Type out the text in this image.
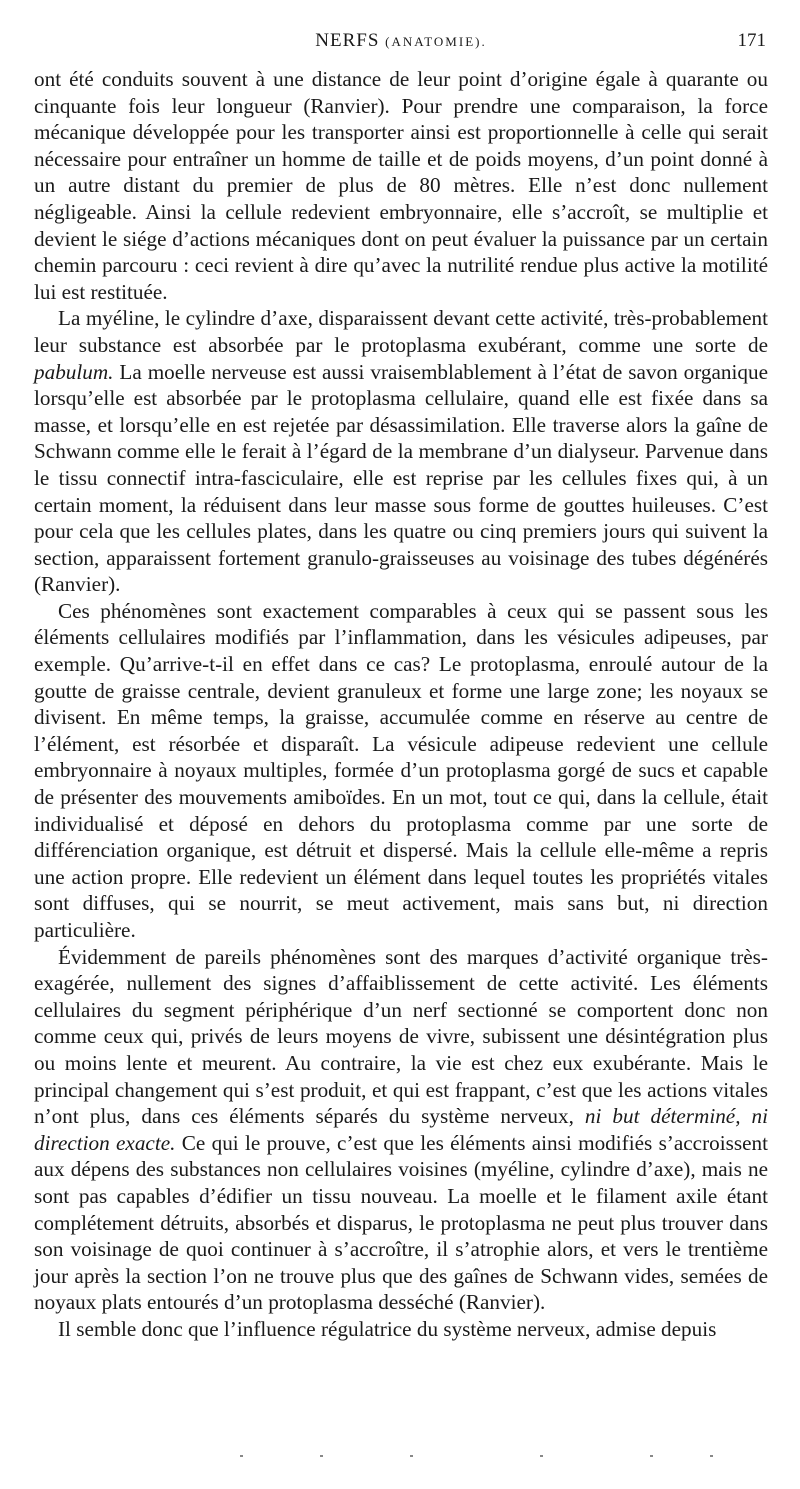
NERFS (ANATOMIE).	171

ont été conduits souvent à une distance de leur point d’origine égale à quarante ou cinquante fois leur longueur (Ranvier). Pour prendre une comparaison, la force mécanique développée pour les transporter ainsi est proportionnelle à celle qui serait nécessaire pour entraîner un homme de taille et de poids moyens, d’un point donné à un autre distant du premier de plus de 80 mètres. Elle n’est donc nullement négligeable. Ainsi la cellule redevient embryonnaire, elle s’accroît, se multiplie et devient le siége d’actions mécaniques dont on peut évaluer la puissance par un certain chemin parcouru : ceci revient à dire qu’avec la nutrilité rendue plus active la motilité lui est restituée.

La myéline, le cylindre d’axe, disparaissent devant cette activité, très-probablement leur substance est absorbée par le protoplasma exubérant, comme une sorte de pabulum. La moelle nerveuse est aussi vraisemblablement à l’état de savon organique lorsqu’elle est absorbée par le protoplasma cellulaire, quand elle est fixée dans sa masse, et lorsqu’elle en est rejetée par désassimilation. Elle traverse alors la gaîne de Schwann comme elle le ferait à l’égard de la membrane d’un dialyseur. Parvenue dans le tissu connectif intra-fasciculaire, elle est reprise par les cellules fixes qui, à un certain moment, la réduisent dans leur masse sous forme de gouttes huileuses. C’est pour cela que les cellules plates, dans les quatre ou cinq premiers jours qui suivent la section, apparaissent fortement granulo-graisseuses au voisinage des tubes dégénérés (Ranvier).

Ces phénomènes sont exactement comparables à ceux qui se passent sous les éléments cellulaires modifiés par l’inflammation, dans les vésicules adipeuses, par exemple. Qu’arrive-t-il en effet dans ce cas? Le protoplasma, enroulé autour de la goutte de graisse centrale, devient granuleux et forme une large zone; les noyaux se divisent. En même temps, la graisse, accumulée comme en réserve au centre de l’élément, est résorbée et disparaît. La vésicule adipeuse redevient une cellule embryonnaire à noyaux multiples, formée d’un protoplasma gorgé de sucs et capable de présenter des mouvements amiboïdes. En un mot, tout ce qui, dans la cellule, était individualisé et déposé en dehors du protoplasma comme par une sorte de différenciation organique, est détruit et dispersé. Mais la cellule elle-même a repris une action propre. Elle redevient un élément dans lequel toutes les propriétés vitales sont diffuses, qui se nourrit, se meut activement, mais sans but, ni direction particulière.

Évidemment de pareils phénomènes sont des marques d’activité organique très-exagérée, nullement des signes d’affaiblissement de cette activité. Les éléments cellulaires du segment périphérique d’un nerf sectionné se comportent donc non comme ceux qui, privés de leurs moyens de vivre, subissent une désintégration plus ou moins lente et meurent. Au contraire, la vie est chez eux exubérante. Mais le principal changement qui s’est produit, et qui est frappant, c’est que les actions vitales n’ont plus, dans ces éléments séparés du système nerveux, ni but déterminé, ni direction exacte. Ce qui le prouve, c’est que les éléments ainsi modifiés s’accroissent aux dépens des substances non cellulaires voisines (myéline, cylindre d’axe), mais ne sont pas capables d’édifier un tissu nouveau. La moelle et le filament axile étant complétement détruits, absorbés et disparus, le protoplasma ne peut plus trouver dans son voisinage de quoi continuer à s’accroître, il s’atrophie alors, et vers le trentième jour après la section l’on ne trouve plus que des gaînes de Schwann vides, semées de noyaux plats entourés d’un protoplasma desséché (Ranvier).

Il semble donc que l’influence régulatrice du système nerveux, admise depuis
